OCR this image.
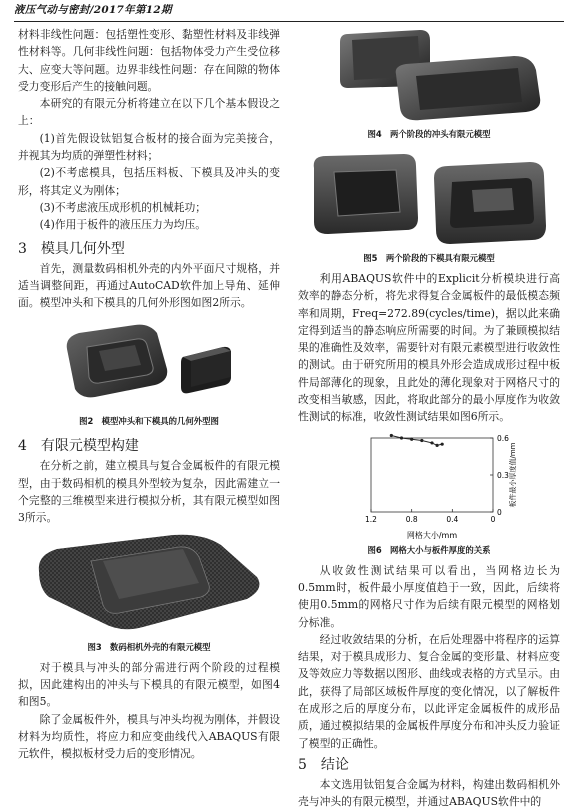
液压气动与密封/2017年第12期

材料非线性问题：包括塑性变形、黏塑性材料及非线弹性材料等。几何非线性问题：包括物体受力产生受位移大、应变大等问题。边界非线性问题：存在间隙的物体受力变形后产生的接触问题。

本研究的有限元分析将建立在以下几个基本假设之上：

(1)首先假设钛铝复合板材的接合面为完美接合，并视其为均质的弹塑性材料；

(2)不考虑模具，包括压料板、下模具及冲头的变形，将其定义为刚体；

(3)不考虑液压成形机的机械耗功；

(4)作用于板件的液压压力为均压。

3　模具几何外型

首先，测量数码相机外壳的内外平面尺寸规格，并适当调整间距，再通过AutoCAD软件加上导角、延伸面。模型冲头和下模具的几何外形图如图2所示。

图2　模型冲头和下模具的几何外型图
4　有限元模型构建

在分析之前，建立模具与复合金属板件的有限元模型，由于数码相机的模具外型较为复杂，因此需建立一个完整的三维模型来进行模拟分析，其有限元模型如图3所示。

图3　数码相机外壳的有限元模型

对于模具与冲头的部分需进行两个阶段的过程模拟，因此建构出的冲头与下模具的有限元模型，如图4和图5。

除了金属板件外，模具与冲头均视为刚体，并假设材料为均质性，将应力和应变曲线代入ABAQUS有限元软件，模拟板材受力后的变形情况。

图4　两个阶段的冲头有限元模型
图5　两个阶段的下模具有限元模型

利用ABAQUS软件中的Explicit分析模块进行高效率的静态分析，将先求得复合金属板件的最低模态频率和周期，Freq=272.89(cycles/time)，据以此来确定得到适当的静态响应所需要的时间。为了兼顾模拟结果的准确性及效率，需要针对有限元素模型进行收敛性的测试。由于研究所用的模具外形会造成成形过程中板件局部薄化的现象，且此处的薄化现象对于网格尺寸的改变相当敏感，因此，将取此部分的最小厚度作为收敛性测试的标准，收敛性测试结果如图6所示。

1.2	0.8	0.4	0
0
0.3
0.6
网格大小/mm
板件最小厚度值/mm
图6　网格大小与板件厚度的关系

从收敛性测试结果可以看出，当网格边长为0.5mm时，板件最小厚度值趋于一致，因此，后续将使用0.5mm的网格尺寸作为后续有限元模型的网格划分标准。

经过收敛结果的分析，在后处理器中将程序的运算结果，对于模具成形力、复合金属的变形量、材料应变及等效应力等数据以图形、曲线或表格的方式呈示。由此，获得了局部区域板件厚度的变化情况，以了解板件在成形之后的厚度分布，以此评定金属板件的成形品质，通过模拟结果的金属板件厚度分布和冲头反力验证了模型的正确性。

5　结论

本文选用钛铝复合金属为材料，构建出数码相机外壳与冲头的有限元模型，并通过ABAQUS软件中的
